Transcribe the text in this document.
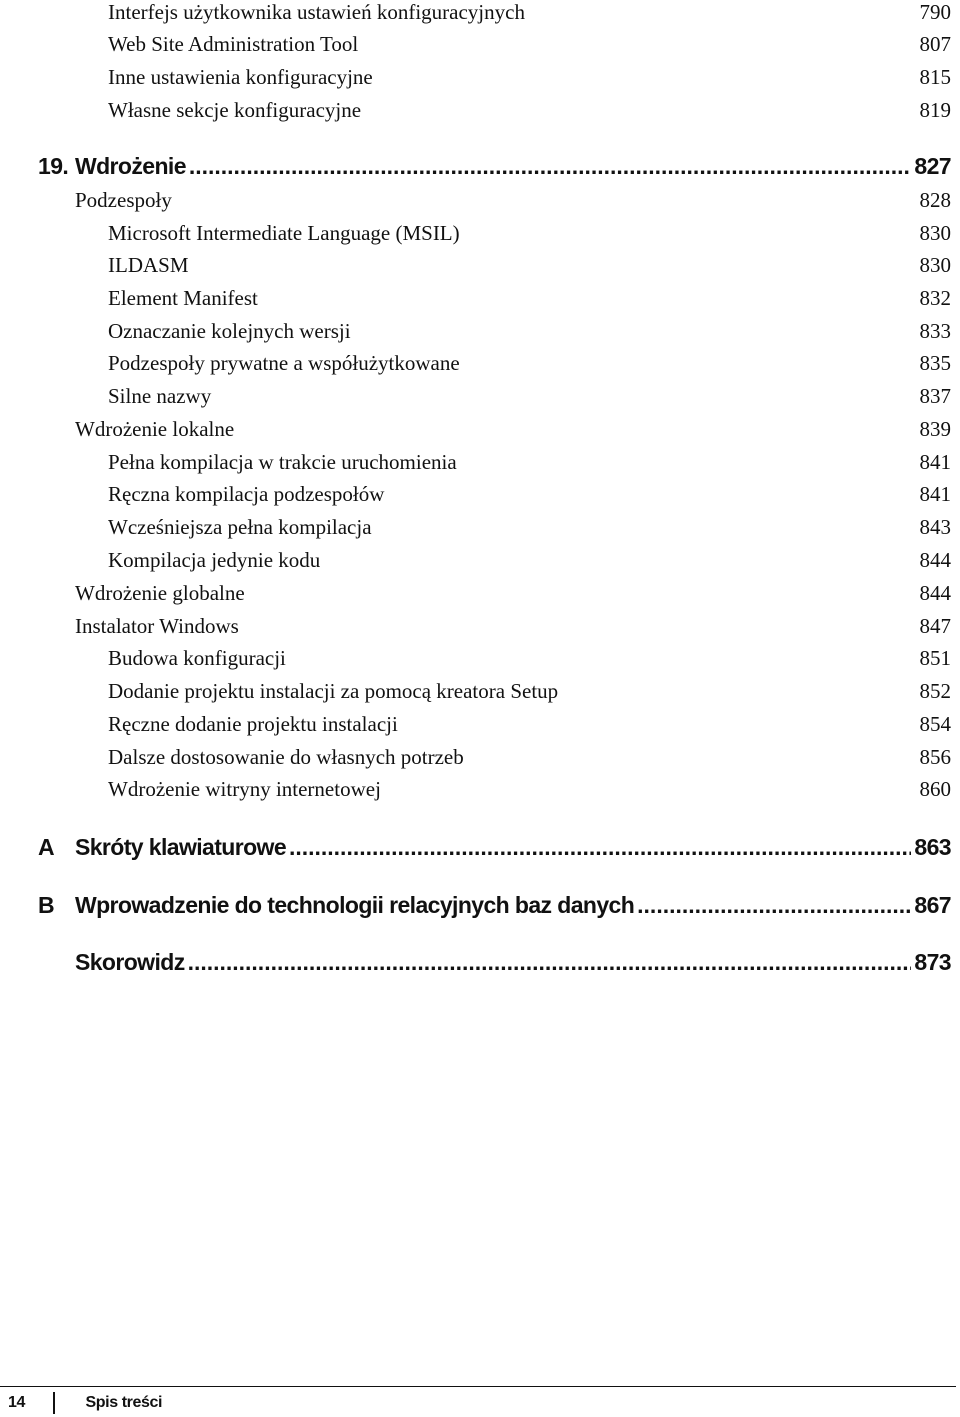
Interfejs użytkownika ustawień konfiguracyjnych	790
Web Site Administration Tool	807
Inne ustawienia konfiguracyjne	815
Własne sekcje konfiguracyjne	819
19. Wdrożenie . . .	827
Podzespoły	828
Microsoft Intermediate Language (MSIL)	830
ILDASM	830
Element Manifest	832
Oznaczanie kolejnych wersji	833
Podzespoły prywatne a współużytkowane	835
Silne nazwy	837
Wdrożenie lokalne	839
Pełna kompilacja w trakcie uruchomienia	841
Ręczna kompilacja podzespołów	841
Wcześniejsza pełna kompilacja	843
Kompilacja jedynie kodu	844
Wdrożenie globalne	844
Instalator Windows	847
Budowa konfiguracji	851
Dodanie projektu instalacji za pomocą kreatora Setup	852
Ręczne dodanie projektu instalacji	854
Dalsze dostosowanie do własnych potrzeb	856
Wdrożenie witryny internetowej	860
A Skróty klawiaturowe . . .	863
B Wprowadzenie do technologii relacyjnych baz danych . . .	867
Skorowidz . . .	873
14	Spis treści
